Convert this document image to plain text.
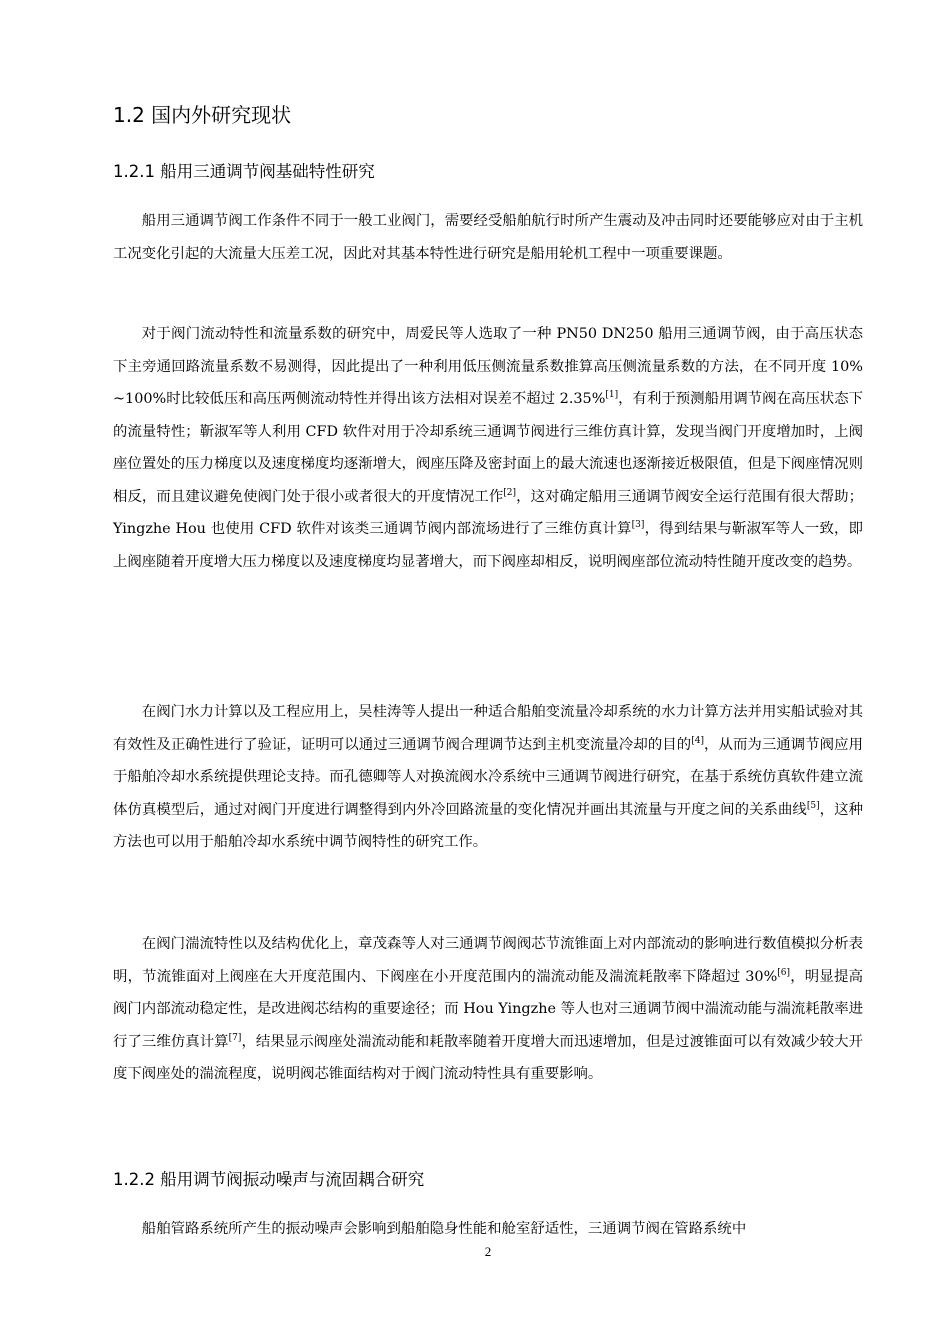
1.2 国内外研究现状
1.2.1 船用三通调节阀基础特性研究

船用三通调节阀工作条件不同于一般工业阀门，需要经受船舶航行时所产生震动及冲击同时还要能够应对由于主机工况变化引起的大流量大压差工况，因此对其基本特性进行研究是船用轮机工程中一项重要课题。

对于阀门流动特性和流量系数的研究中，周爱民等人选取了一种 PN50 DN250 船用三通调节阀，由于高压状态下主旁通回路流量系数不易测得，因此提出了一种利用低压侧流量系数推算高压侧流量系数的方法，在不同开度 10%~100%时比较低压和高压两侧流动特性并得出该方法相对误差不超过 2.35%[1]，有利于预测船用调节阀在高压状态下的流量特性；靳淑军等人利用 CFD 软件对用于冷却系统三通调节阀进行三维仿真计算，发现当阀门开度增加时，上阀座位置处的压力梯度以及速度梯度均逐渐增大，阀座压降及密封面上的最大流速也逐渐接近极限值，但是下阀座情况则相反，而且建议避免使阀门处于很小或者很大的开度情况工作[2]，这对确定船用三通调节阀安全运行范围有很大帮助；Yingzhe Hou 也使用 CFD 软件对该类三通调节阀内部流场进行了三维仿真计算[3]，得到结果与靳淑军等人一致，即上阀座随着开度增大压力梯度以及速度梯度均显著增大，而下阀座却相反，说明阀座部位流动特性随开度改变的趋势。

在阀门水力计算以及工程应用上，吴桂涛等人提出一种适合船舶变流量冷却系统的水力计算方法并用实船试验对其有效性及正确性进行了验证，证明可以通过三通调节阀合理调节达到主机变流量冷却的目的[4]，从而为三通调节阀应用于船舶冷却水系统提供理论支持。而孔德卿等人对换流阀水冷系统中三通调节阀进行研究，在基于系统仿真软件建立流体仿真模型后，通过对阀门开度进行调整得到内外冷回路流量的变化情况并画出其流量与开度之间的关系曲线[5]，这种方法也可以用于船舶冷却水系统中调节阀特性的研究工作。

在阀门湍流特性以及结构优化上，章茂森等人对三通调节阀阀芯节流锥面上对内部流动的影响进行数值模拟分析表明，节流锥面对上阀座在大开度范围内、下阀座在小开度范围内的湍流动能及湍流耗散率下降超过 30%[6]，明显提高阀门内部流动稳定性，是改进阀芯结构的重要途径；而 Hou Yingzhe 等人也对三通调节阀中湍流动能与湍流耗散率进行了三维仿真计算[7]，结果显示阀座处湍流动能和耗散率随着开度增大而迅速增加，但是过渡锥面可以有效减少较大开度下阀座处的湍流程度，说明阀芯锥面结构对于阀门流动特性具有重要影响。

1.2.2 船用调节阀振动噪声与流固耦合研究

船舶管路系统所产生的振动噪声会影响到船舶隐身性能和舱室舒适性，三通调节阀在管路系统中

2
